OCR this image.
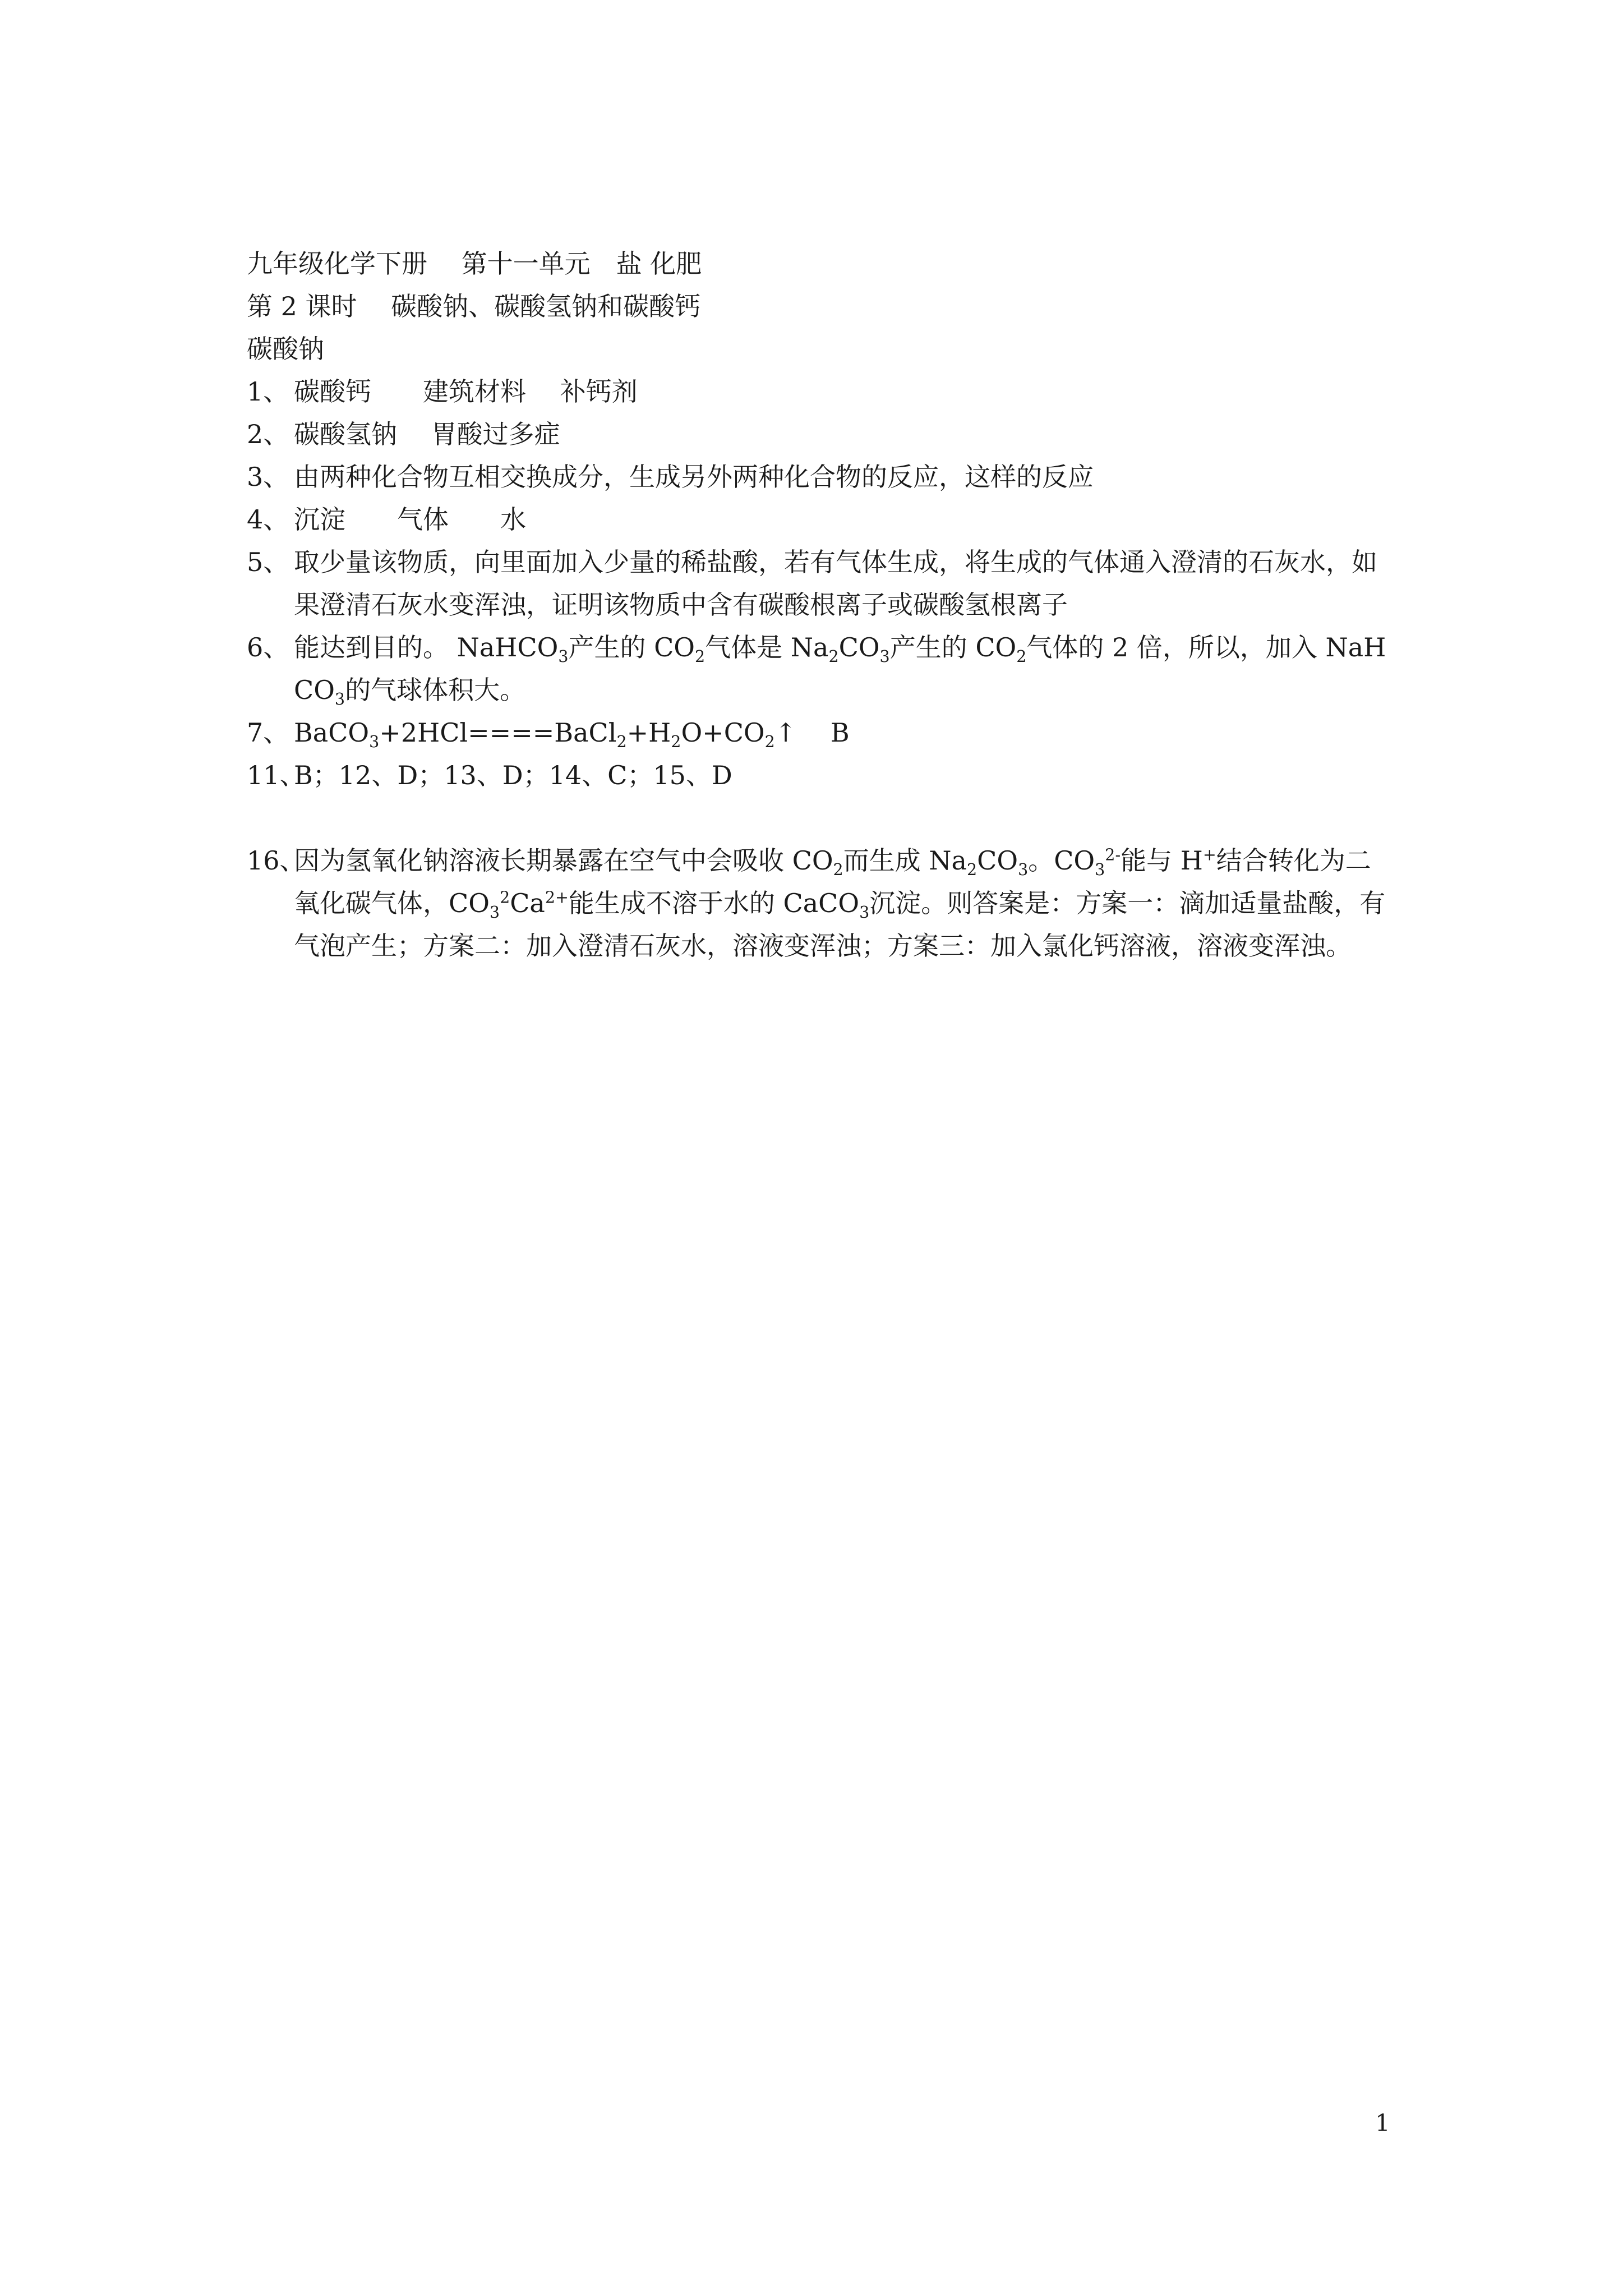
九年级化学下册　 第十一单元　盐 化肥
第 2 课时　 碳酸钠、碳酸氢钠和碳酸钙
碳酸钠
1、 碳酸钙　　建筑材料　 补钙剂
2、 碳酸氢钠　 胃酸过多症
3、 由两种化合物互相交换成分，生成另外两种化合物的反应，这样的反应
4、 沉淀　　气体　　水
5、 取少量该物质，向里面加入少量的稀盐酸，若有气体生成，将生成的气体通入澄清的石灰水，如果澄清石灰水变浑浊，证明该物质中含有碳酸根离子或碳酸氢根离子
6、 能达到目的。 NaHCO$_3$产生的 $CO_2$气体是 $Na_2CO_3$产生的 $CO_2$气体的 2 倍，所以，加入 NaHCO$_3$的气球体积大。
7、 $BaCO_3+2HCl====BaCl_2+H_2O+CO_2↑$　 B
11、
B；12、D；13、D；14、C；15、D
16、
因为氢氧化钠溶液长期暴露在空气中会吸收 $CO_2$而生成 $Na_2CO_3$。$CO_3^{2-}$能与 H+结合转化为二氧化碳气体，$CO_3^2Ca^{2+}$能生成不溶于水的 CaCO$_3$沉淀。则答案是：方案一：滴加适量盐酸，有气泡产生；方案二：加入澄清石灰水，溶液变浑浊；方案三：加入氯化钙溶液，溶液变浑浊。
1
